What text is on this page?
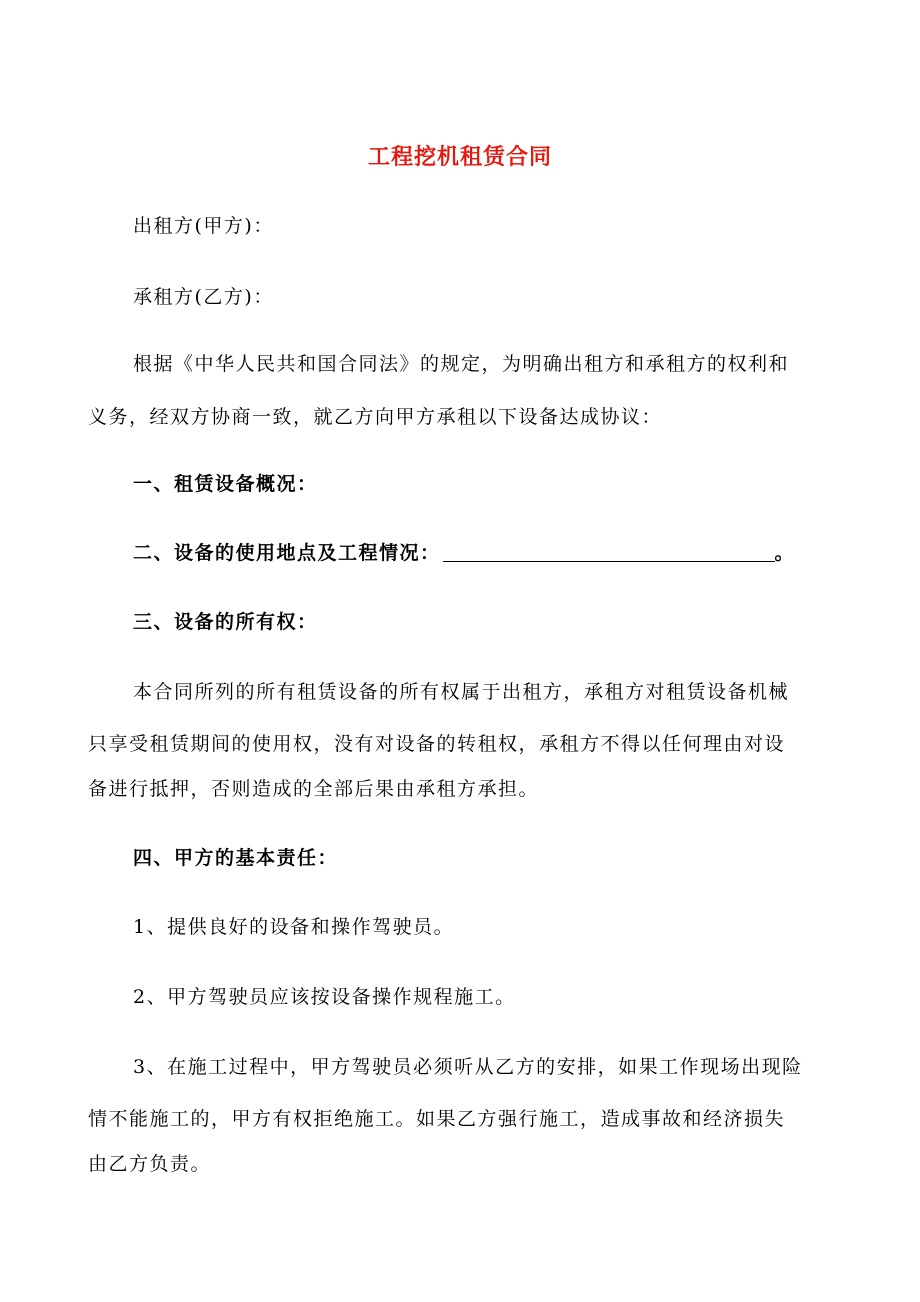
工程挖机租赁合同
出租方(甲方)：
承租方(乙方)：
根据《中华人民共和国合同法》的规定，为明确出租方和承租方的权利和
义务，经双方协商一致，就乙方向甲方承租以下设备达成协议：
一、租赁设备概况：
二、设备的使用地点及工程情况：	。
三、设备的所有权：
本合同所列的所有租赁设备的所有权属于出租方，承租方对租赁设备机械
只享受租赁期间的使用权，没有对设备的转租权，承租方不得以任何理由对设
备进行抵押，否则造成的全部后果由承租方承担。
四、甲方的基本责任：
1、提供良好的设备和操作驾驶员。
2、甲方驾驶员应该按设备操作规程施工。
3、在施工过程中，甲方驾驶员必须听从乙方的安排，如果工作现场出现险
情不能施工的，甲方有权拒绝施工。如果乙方强行施工，造成事故和经济损失
由乙方负责。
